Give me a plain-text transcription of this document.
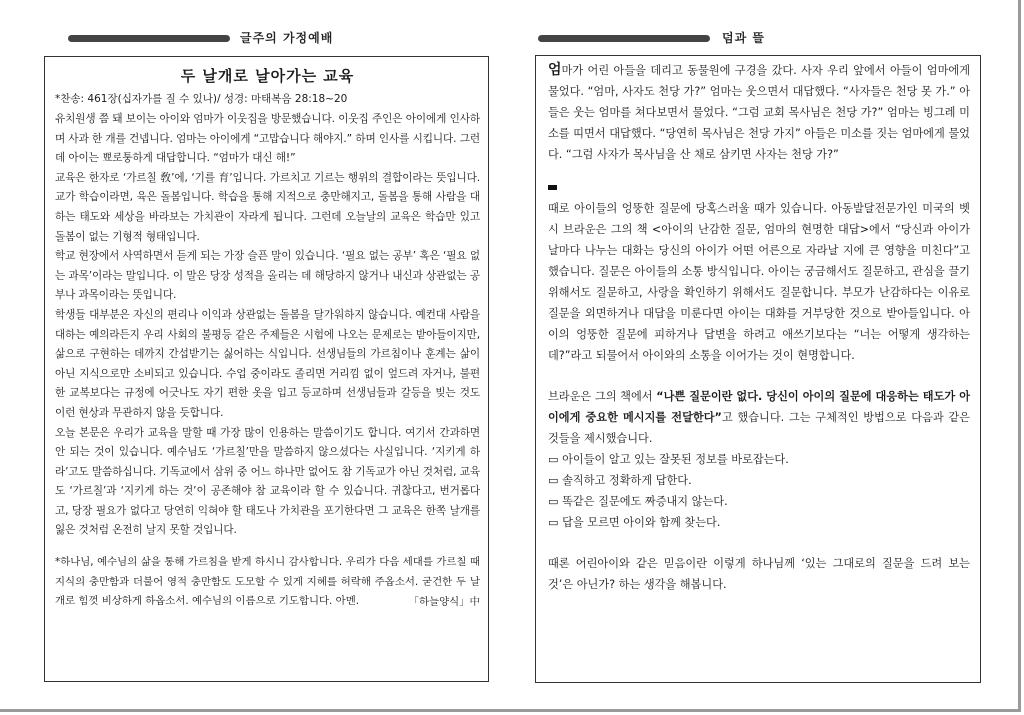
글주의 가정예배	덤과 뜰
두 날개로 날아가는 교육
*찬송: 461장(십자가를 질 수 있나)/ 성경: 마태복음 28:18~20

유치원생 쯤 돼 보이는 아이와 엄마가 이웃집을 방문했습니다. 이웃집 주인은 아이에게 인사하며 사과 한 개를 건넵니다. 엄마는 아이에게 “고맙습니다 해야지.” 하며 인사를 시킵니다. 그런데 아이는 뾰로퉁하게 대답합니다. “엄마가 대신 해!”

교육은 한자로 ‘가르칠 敎’에, ‘기를 育’입니다. 가르치고 기르는 행위의 결합이라는 뜻입니다. 교가 학습이라면, 육은 돌봄입니다. 학습을 통해 지적으로 충만해지고, 돌봄을 통해 사람을 대하는 태도와 세상을 바라보는 가치관이 자라게 됩니다. 그런데 오늘날의 교육은 학습만 있고 돌봄이 없는 기형적 형태입니다.

학교 현장에서 사역하면서 듣게 되는 가장 슬픈 말이 있습니다. ‘필요 없는 공부’ 혹은 ‘필요 없는 과목’이라는 말입니다. 이 말은 당장 성적을 올리는 데 해당하지 않거나 내신과 상관없는 공부나 과목이라는 뜻입니다.

학생들 대부분은 자신의 편리나 이익과 상관없는 돌봄을 달가워하지 않습니다. 예컨대 사람을 대하는 예의라든지 우리 사회의 불평등 같은 주제들은 시험에 나오는 문제로는 받아들이지만, 삶으로 구현하는 데까지 간섭받기는 싫어하는 식입니다. 선생님들의 가르침이나 훈계는 삶이 아닌 지식으로만 소비되고 있습니다. 수업 중이라도 졸리면 거리낌 없이 엎드려 자거나, 불편한 교복보다는 규정에 어긋나도 자기 편한 옷을 입고 등교하며 선생님들과 갈등을 빚는 것도 이런 현상과 무관하지 않을 듯합니다.

오늘 본문은 우리가 교육을 말할 때 가장 많이 인용하는 말씀이기도 합니다. 여기서 간과하면 안 되는 것이 있습니다. 예수님도 ‘가르칠’만을 말씀하지 않으셨다는 사실입니다. ‘지키게 하라’고도 말씀하십니다. 기독교에서 삼위 중 어느 하나만 없어도 참 기독교가 아닌 것처럼, 교육도 ‘가르칠’과 ‘지키게 하는 것’이 공존해야 참 교육이라 할 수 있습니다. 귀찮다고, 번거롭다고, 당장 필요가 없다고 당연히 익혀야 할 태도나 가치관을 포기한다면 그 교육은 한쪽 날개를 잃은 것처럼 온전히 날지 못할 것입니다.

*하나님, 예수님의 삶을 통해 가르침을 받게 하시니 감사합니다. 우리가 다음 세대를 가르칠 때 지식의 충만함과 더불어 영적 충만함도 도모할 수 있게 지혜를 허락해 주옵소서. 굳건한 두 날개로 힘껏 비상하게 하옵소서. 예수님의 이름으로 기도합니다. 아멘.	「하늘양식」中

엄마가 어린 아들을 데리고 동물원에 구경을 갔다. 사자 우리 앞에서 아들이 엄마에게 물었다. “엄마, 사자도 천당 가?” 엄마는 웃으면서 대답했다. “사자들은 천당 못 가.” 아들은 웃는 엄마를 쳐다보면서 물었다. “그럼 교회 목사님은 천당 가?” 엄마는 빙그레 미소를 띠면서 대답했다. “당연히 목사님은 천당 가지” 아들은 미소를 짓는 엄마에게 물었다. “그럼 사자가 목사님을 산 채로 삼키면 사자는 천당 가?”

때로 아이들의 엉뚱한 질문에 당혹스러울 때가 있습니다. 아동발달전문가인 미국의 벳시 브라운은 그의 책 <아이의 난감한 질문, 엄마의 현명한 대답>에서 “당신과 아이가 날마다 나누는 대화는 당신의 아이가 어떤 어른으로 자라날 지에 큰 영향을 미친다”고 했습니다. 질문은 아이들의 소통 방식입니다. 아이는 궁금해서도 질문하고, 관심을 끌기 위해서도 질문하고, 사랑을 확인하기 위해서도 질문합니다. 부모가 난감하다는 이유로 질문을 외면하거나 대답을 미룬다면 아이는 대화를 거부당한 것으로 받아들입니다. 아이의 엉뚱한 질문에 피하거나 답변을 하려고 애쓰기보다는 “너는 어떻게 생각하는 데?”라고 되물어서 아이와의 소통을 이어가는 것이 현명합니다.

브라운은 그의 책에서 “나쁜 질문이란 없다. 당신이 아이의 질문에 대응하는 태도가 아이에게 중요한 메시지를 전달한다”고 했습니다. 그는 구체적인 방법으로 다음과 같은 것들을 제시했습니다.

▭ 아이들이 알고 있는 잘못된 정보를 바로잡는다.

▭ 솔직하고 정확하게 답한다.

▭ 똑같은 질문에도 짜증내지 않는다.

▭ 답을 모르면 아이와 함께 찾는다.

때론 어린아이와 같은 믿음이란 이렇게 하나님께 ‘있는 그대로의 질문을 드려 보는 것’은 아닌가? 하는 생각을 해봅니다.
